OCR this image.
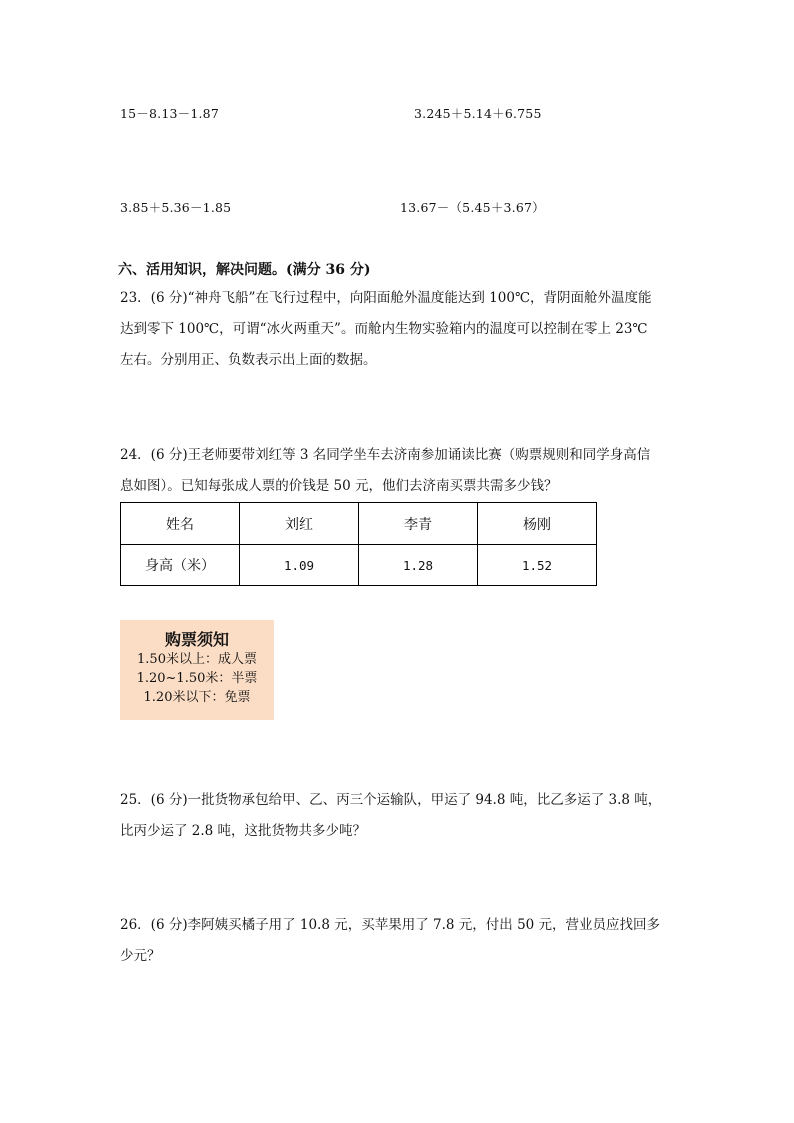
15－8.13－1.87	3.245＋5.14＋6.755
3.85＋5.36－1.85	13.67－（5.45＋3.67）
六、活用知识，解决问题。(满分 36 分)
23．(6 分)“神舟飞船”在飞行过程中，向阳面舱外温度能达到 100℃，背阴面舱外温度能
达到零下 100℃，可谓“冰火两重天”。而舱内生物实验箱内的温度可以控制在零上 23℃
左右。分别用正、负数表示出上面的数据。
24．(6 分)王老师要带刘红等 3 名同学坐车去济南参加诵读比赛（购票规则和同学身高信
息如图）。已知每张成人票的价钱是 50 元，他们去济南买票共需多少钱？
姓名	刘红	李青	杨刚
身高（米）	1.09	1.28	1.52
购票须知
1.50米以上：成人票
1.20~1.50米：半票
1.20米以下：免票
25．(6 分)一批货物承包给甲、乙、丙三个运输队，甲运了 94.8 吨，比乙多运了 3.8 吨，
比丙少运了 2.8 吨，这批货物共多少吨？
26．(6 分)李阿姨买橘子用了 10.8 元，买苹果用了 7.8 元，付出 50 元，营业员应找回多
少元？
